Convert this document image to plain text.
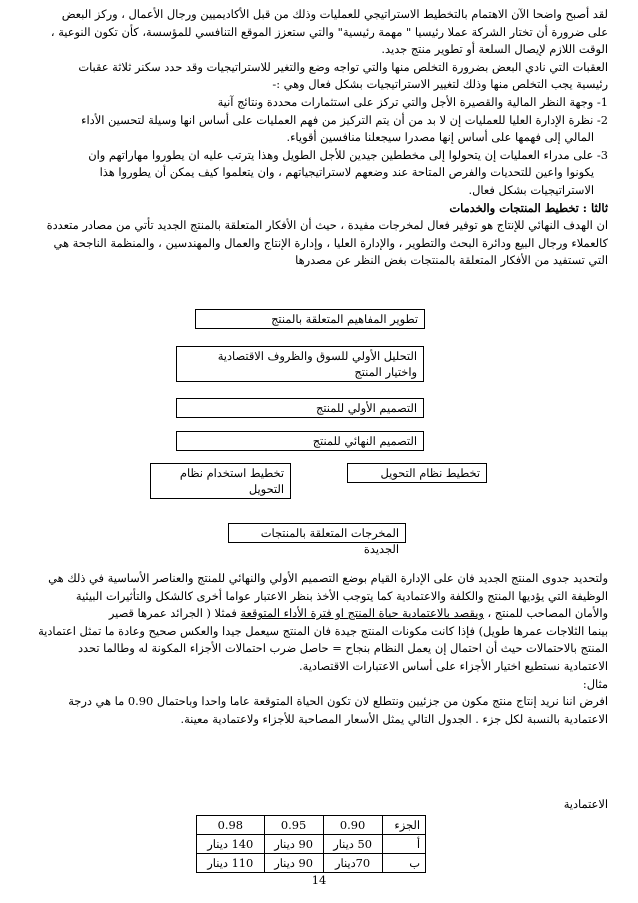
لقد أصبح واضحا الآن الاهتمام بالتخطيط الاستراتيجي للعمليات وذلك من قبل الأكاديميين ورجال الأعمال ، وركز البعض
على ضرورة أن تختار الشركة عملا رئيسيا " مهمة رئيسية" والتي ستعزز الموقع التنافسي للمؤسسة، كأن تكون النوعية ،
الوقت اللازم لإيصال السلعة أو تطوير منتج جديد.
العقبات التي نادي البعض بضرورة التخلص منها والتي تواجه وضع والتغير للاستراتيجيات وقد حدد سكنر ثلاثة عقبات
رئيسية يجب التخلص منها وذلك لتغيير الاستراتيجيات بشكل فعال وهي :-
1- وجهة النظر المالية والقصيرة الأجل والتي تركز على استثمارات محددة ونتائج آنية
2- نظرة الإدارة العليا للعمليات إن لا بد من أن يتم التركيز من فهم العمليات على أساس انها وسيلة لتحسين الأداء
المالي إلى فهمها على أساس إنها مصدرا سيجعلنا منافسين أقوياء.
3- على مدراء العمليات إن يتحولوا إلى مخططين جيدين للأجل الطويل وهذا يترتب عليه ان يطوروا مهاراتهم وان
يكونوا واعين للتحديات والفرص المتاحة عند وضعهم لاستراتيجياتهم ، وان يتعلموا كيف يمكن أن يطوروا هذا
الاستراتيجيات بشكل فعال.
ثالثا : تخطيط المنتجات والخدمات
ان الهدف النهائي للإنتاج هو توفير فعال لمخرجات مفيدة ، حيث أن الأفكار المتعلقة بالمنتج الجديد تأتي من مصادر متعددة
كالعملاء ورجال البيع ودائرة البحث والتطوير ، والإدارة العليا ، وإدارة الإنتاج والعمال والمهندسين ، والمنظمة الناجحة هي
التي تستفيد من الأفكار المتعلقة بالمنتجات بغض النظر عن مصدرها
تطوير المفاهيم المتعلقة بالمنتج
التحليل الأولي للسوق والظروف الاقتصادية
واختيار المنتج
التصميم الأولي للمنتج
التصميم النهائي للمنتج
تخطيط نظام التحويل
تخطيط استخدام نظام
التحويل
المخرجات المتعلقة بالمنتجات الجديدة
ولتحديد جدوى المنتج الجديد فان على الإدارة القيام بوضع التصميم الأولي والنهائي للمنتج والعناصر الأساسية في ذلك هي
الوظيفة التي يؤديها المنتج والكلفة والاعتمادية كما يتوجب الأخذ بنظر الاعتبار عواما أخرى كالشكل والتأثيرات البيئية
والأمان المصاحب للمنتج ، ويقصد بالاعتمادية حياة المنتج او فترة الأداء المتوقعة فمثلا ( الجرائد عمرها قصير
بينما الثلاجات عمرها طويل) فإذا كانت مكونات المنتج جيدة فان المنتج سيعمل جيدا والعكس صحيح وعادة ما تمثل اعتمادية
المنتج بالاحتمالات حيث أن احتمال إن يعمل النظام بنجاح = حاصل ضرب احتمالات الأجزاء المكونة له وطالما تحدد
الاعتمادية نستطيع اختيار الأجزاء على أساس الاعتبارات الاقتصادية.
مثال:
افرض اننا نريد إنتاج منتج مكون من جزئيين ونتطلع لان تكون الحياة المتوقعة عاما واحدا وباحتمال 0.90 ما هي درجة
الاعتمادية بالنسبة لكل جزء . الجدول التالي يمثل الأسعار المصاحبة للأجزاء ولاعتمادية معينة.
الاعتمادية
الجزء	0.90	0.95	0.98
أ	50 دينار	90 دينار	140 دينار
ب	70دينار	90 دينار	110 دينار
14
